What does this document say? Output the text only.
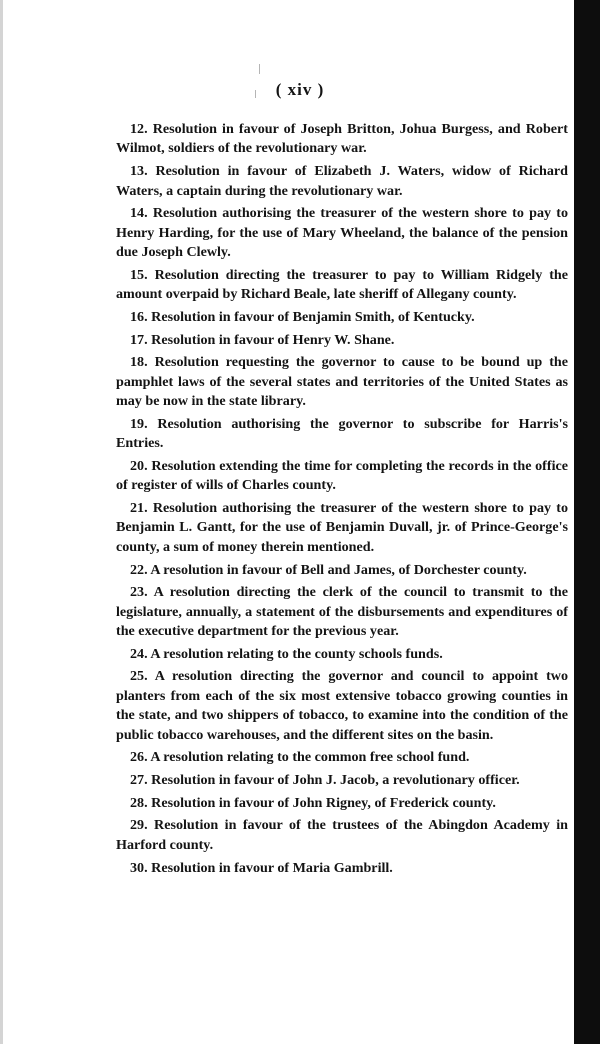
( xiv )

12. Resolution in favour of Joseph Britton, Johua Burgess, and Robert Wilmot, soldiers of the revolutionary war.

13. Resolution in favour of Elizabeth J. Waters, widow of Richard Waters, a captain during the revolutionary war.

14. Resolution authorising the treasurer of the western shore to pay to Henry Harding, for the use of Mary Wheeland, the balance of the pension due Joseph Clewly.

15. Resolution directing the treasurer to pay to William Ridgely the amount overpaid by Richard Beale, late sheriff of Allegany county.

16. Resolution in favour of Benjamin Smith, of Kentucky.

17. Resolution in favour of Henry W. Shane.

18. Resolution requesting the governor to cause to be bound up the pamphlet laws of the several states and territories of the United States as may be now in the state library.

19. Resolution authorising the governor to subscribe for Harris's Entries.

20. Resolution extending the time for completing the records in the office of register of wills of Charles county.

21. Resolution authorising the treasurer of the western shore to pay to Benjamin L. Gantt, for the use of Benjamin Duvall, jr. of Prince-George's county, a sum of money therein mentioned.

22. A resolution in favour of Bell and James, of Dorchester county.

23. A resolution directing the clerk of the council to transmit to the legislature, annually, a statement of the disbursements and expenditures of the executive department for the previous year.

24. A resolution relating to the county schools funds.

25. A resolution directing the governor and council to appoint two planters from each of the six most extensive tobacco growing counties in the state, and two shippers of tobacco, to examine into the condition of the public tobacco warehouses, and the different sites on the basin.

26. A resolution relating to the common free school fund.

27. Resolution in favour of John J. Jacob, a revolutionary officer.

28. Resolution in favour of John Rigney, of Frederick county.

29. Resolution in favour of the trustees of the Abingdon Academy in Harford county.

30. Resolution in favour of Maria Gambrill.
